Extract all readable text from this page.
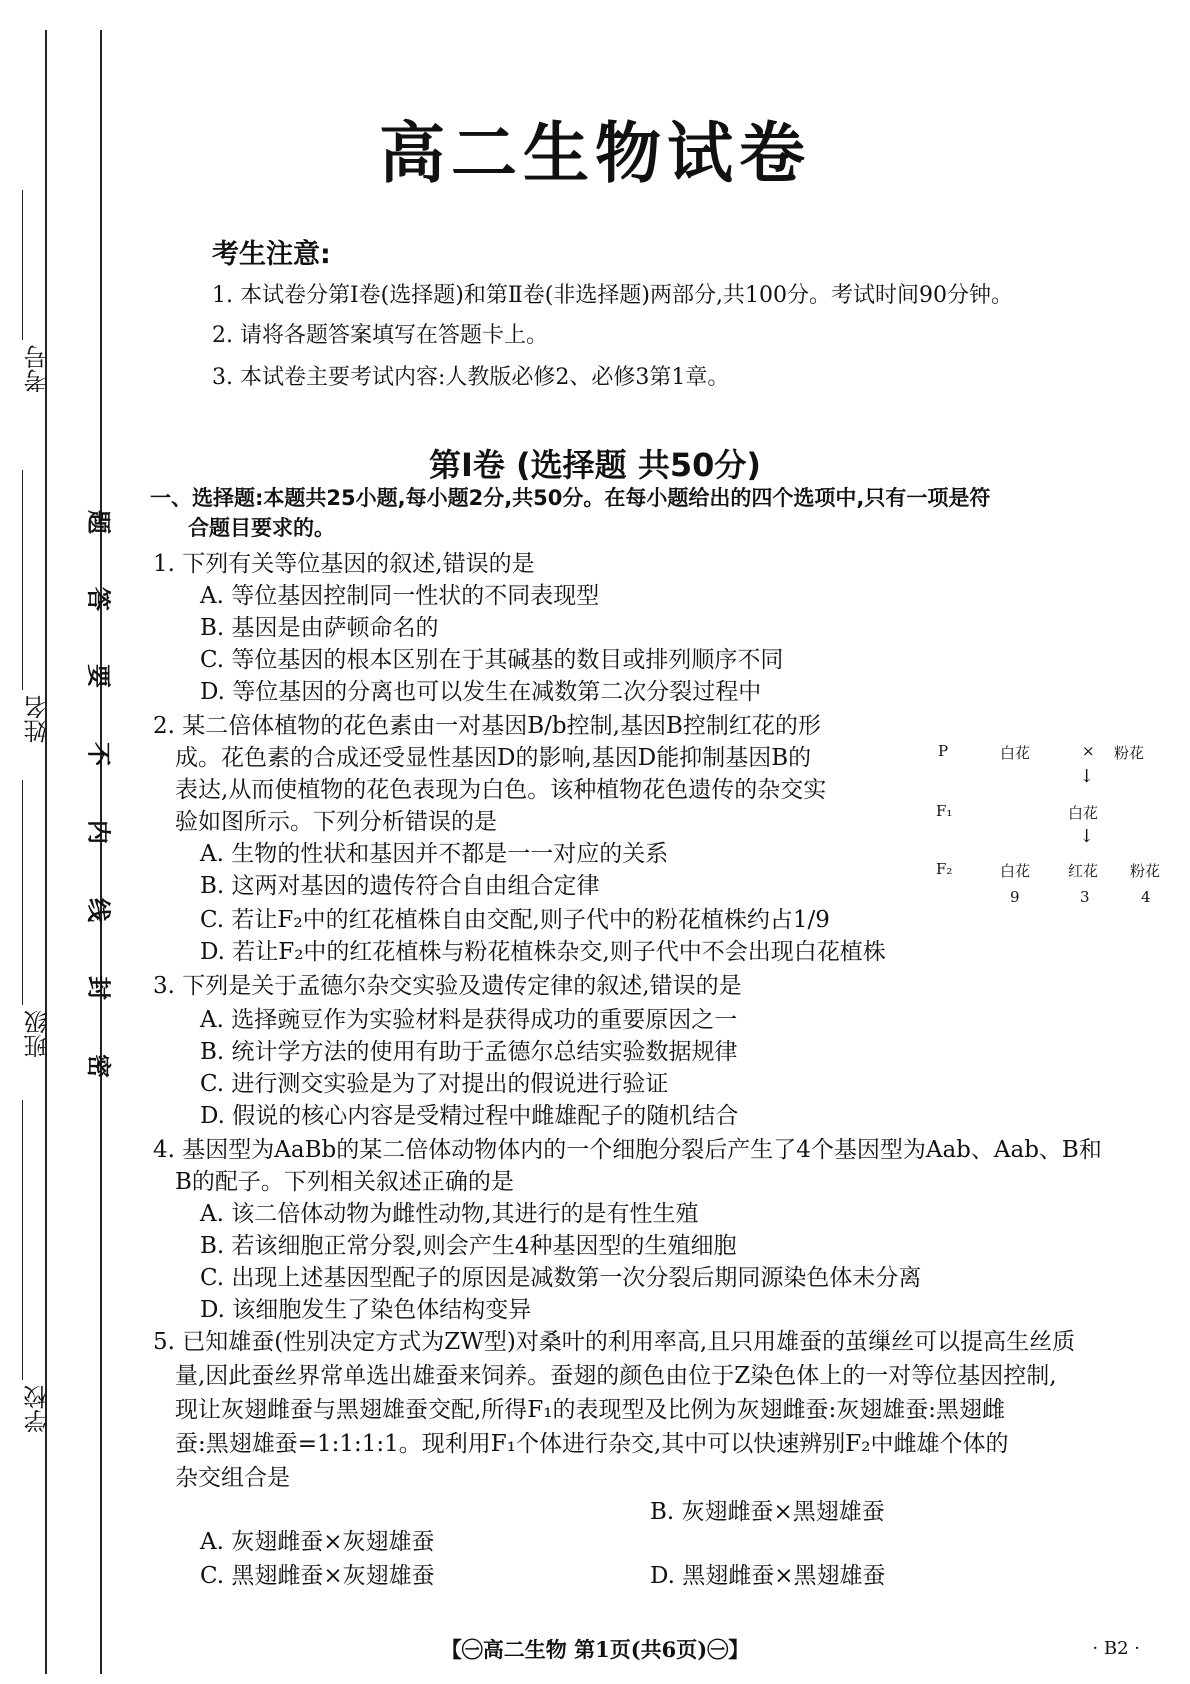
考号
姓名
班级
学校
题
答
要
不
内
线
封
密
高二生物试卷
考生注意:
1. 本试卷分第Ⅰ卷(选择题)和第Ⅱ卷(非选择题)两部分,共100分。考试时间90分钟。
2. 请将各题答案填写在答题卡上。
3. 本试卷主要考试内容:人教版必修2、必修3第1章。
第Ⅰ卷 (选择题 共50分)
一、选择题:本题共25小题,每小题2分,共50分。在每小题给出的四个选项中,只有一项是符
合题目要求的。
1. 下列有关等位基因的叙述,错误的是
A. 等位基因控制同一性状的不同表现型
B. 基因是由萨顿命名的
C. 等位基因的根本区别在于其碱基的数目或排列顺序不同
D. 等位基因的分离也可以发生在减数第二次分裂过程中
2. 某二倍体植物的花色素由一对基因B/b控制,基因B控制红花的形
成。花色素的合成还受显性基因D的影响,基因D能抑制基因B的
表达,从而使植物的花色表现为白色。该种植物花色遗传的杂交实
验如图所示。下列分析错误的是
A. 生物的性状和基因并不都是一一对应的关系
B. 这两对基因的遗传符合自由组合定律
C. 若让F₂中的红花植株自由交配,则子代中的粉花植株约占1/9
D. 若让F₂中的红花植株与粉花植株杂交,则子代中不会出现白花植株
P	白花	× 粉花
↓
F₁	白花
↓
F₂	白花	红花 粉花
9	3	4
3. 下列是关于孟德尔杂交实验及遗传定律的叙述,错误的是
A. 选择豌豆作为实验材料是获得成功的重要原因之一
B. 统计学方法的使用有助于孟德尔总结实验数据规律
C. 进行测交实验是为了对提出的假说进行验证
D. 假说的核心内容是受精过程中雌雄配子的随机结合
4. 基因型为AaBb的某二倍体动物体内的一个细胞分裂后产生了4个基因型为Aab、Aab、B和
B的配子。下列相关叙述正确的是
A. 该二倍体动物为雌性动物,其进行的是有性生殖
B. 若该细胞正常分裂,则会产生4种基因型的生殖细胞
C. 出现上述基因型配子的原因是减数第一次分裂后期同源染色体未分离
D. 该细胞发生了染色体结构变异
5. 已知雄蚕(性别决定方式为ZW型)对桑叶的利用率高,且只用雄蚕的茧缫丝可以提高生丝质
量,因此蚕丝界常单选出雄蚕来饲养。蚕翅的颜色由位于Z染色体上的一对等位基因控制,
现让灰翅雌蚕与黑翅雄蚕交配,所得F₁的表现型及比例为灰翅雌蚕:灰翅雄蚕:黑翅雌
蚕:黑翅雄蚕=1:1:1:1。现利用F₁个体进行杂交,其中可以快速辨别F₂中雌雄个体的
杂交组合是
A. 灰翅雌蚕×灰翅雄蚕
B. 灰翅雌蚕×黑翅雄蚕
C. 黑翅雌蚕×灰翅雄蚕	D. 黑翅雌蚕×黑翅雄蚕
【㊀高二生物 第1页(共6页)㊀】	· B2 ·
